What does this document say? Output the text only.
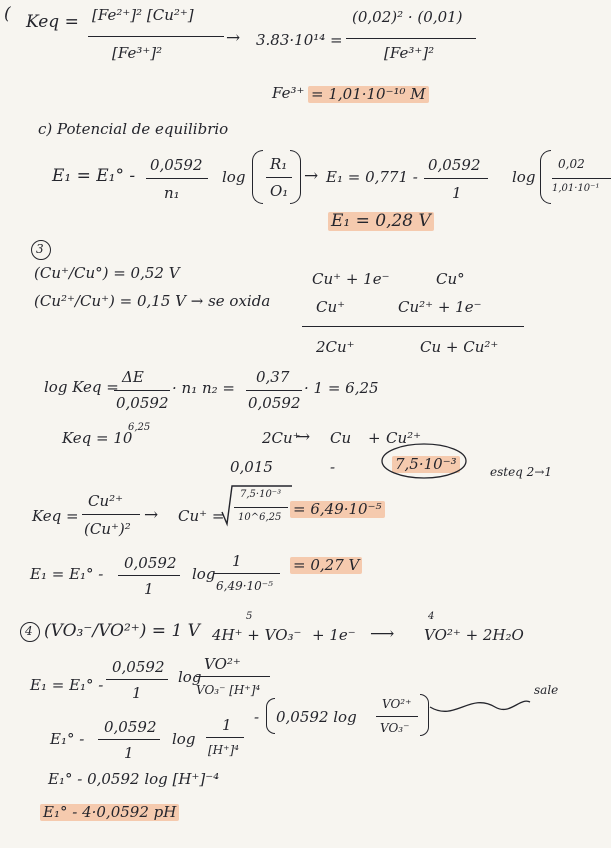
( Keq = [Fe²⁺]² [Cu²⁺]
[Fe³⁺]²
→ 3.83·10¹⁴ =
(0,02)² · (0,01)
[Fe³⁺]²
Fe³⁺ = 1,01·10⁻¹⁰ M
c) Potencial de equilibrio
E₁ = E₁° -
0,0592
n₁
log
R₁
O₁
→ E₁ = 0,771 -
0,0592
1
log
0,02
1,01·10⁻¹
E₁ = 0,28 V
3
(Cu⁺/Cu°) = 0,52 V
(Cu²⁺/Cu⁺) = 0,15 V → se oxida
Cu⁺ + 1e⁻	Cu°
Cu⁺	Cu²⁺ + 1e⁻
2Cu⁺	Cu + Cu²⁺
log Keq =
ΔE
0,0592
· n₁ n₂ =
0,37
0,0592
· 1 = 6,25
Keq = 10
6,25
2Cu⁺
→ Cu + Cu²⁺
0,015	-	7,5·10⁻³	esteq 2→1
Keq =
Cu²⁺
(Cu⁺)²
→ Cu⁺ =
7,5·10⁻³
10^6,25 = 6,49·10⁻⁵
E₁ = E₁° -
0,0592
1
log
1
6,49·10⁻⁵
= 0,27 V
4 (VO₃⁻/VO²⁺) = 1 V
5
4H⁺ + VO₃⁻ + 1e⁻ ⟶
4
VO²⁺ + 2H₂O
E₁ = E₁° -
0,0592
1
log
VO²⁺
VO₃⁻ [H⁺]⁴
E₁° -
0,0592
1
log
1
[H⁺]⁴
- 0,0592 log
VO²⁺
VO₃⁻
sale
E₁° - 0,0592 log [H⁺]⁻⁴
E₁° - 4·0,0592 pH
